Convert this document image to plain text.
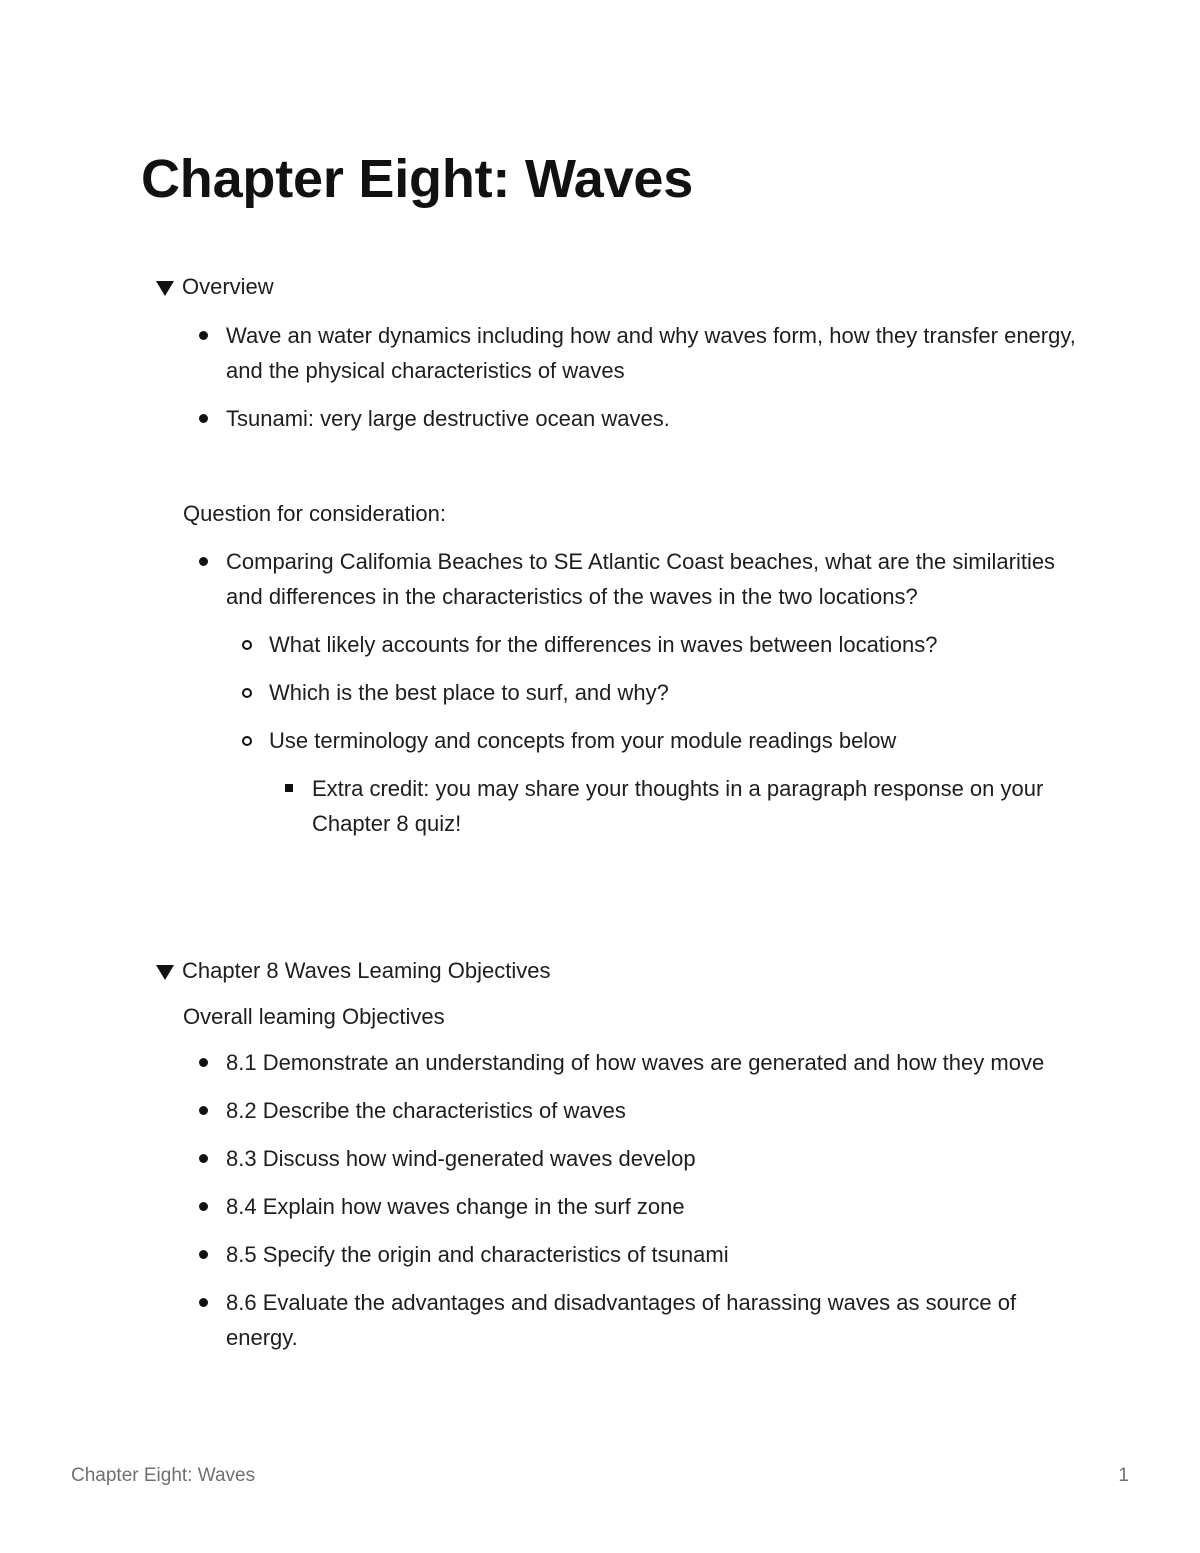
Chapter Eight: Waves
Overview
Wave an water dynamics including how and why waves form, how they transfer energy, and the physical characteristics of waves
Tsunami: very large destructive ocean waves.

Question for consideration:

Comparing Califomia Beaches to SE Atlantic Coast beaches, what are the similarities and differences in the characteristics of the waves in the two locations?
What likely accounts for the differences in waves between locations?
Which is the best place to surf, and why?
Use terminology and concepts from your module readings below
Extra credit: you may share your thoughts in a paragraph response on your Chapter 8 quiz!
Chapter 8 Waves Leaming Objectives

Overall leaming Objectives

8.1 Demonstrate an understanding of how waves are generated and how they move
8.2 Describe the characteristics of waves
8.3 Discuss how wind-generated waves develop
8.4 Explain how waves change in the surf zone
8.5 Specify the origin and characteristics of tsunami
8.6 Evaluate the advantages and disadvantages of harassing waves as source of energy.
Chapter Eight: Waves	1
